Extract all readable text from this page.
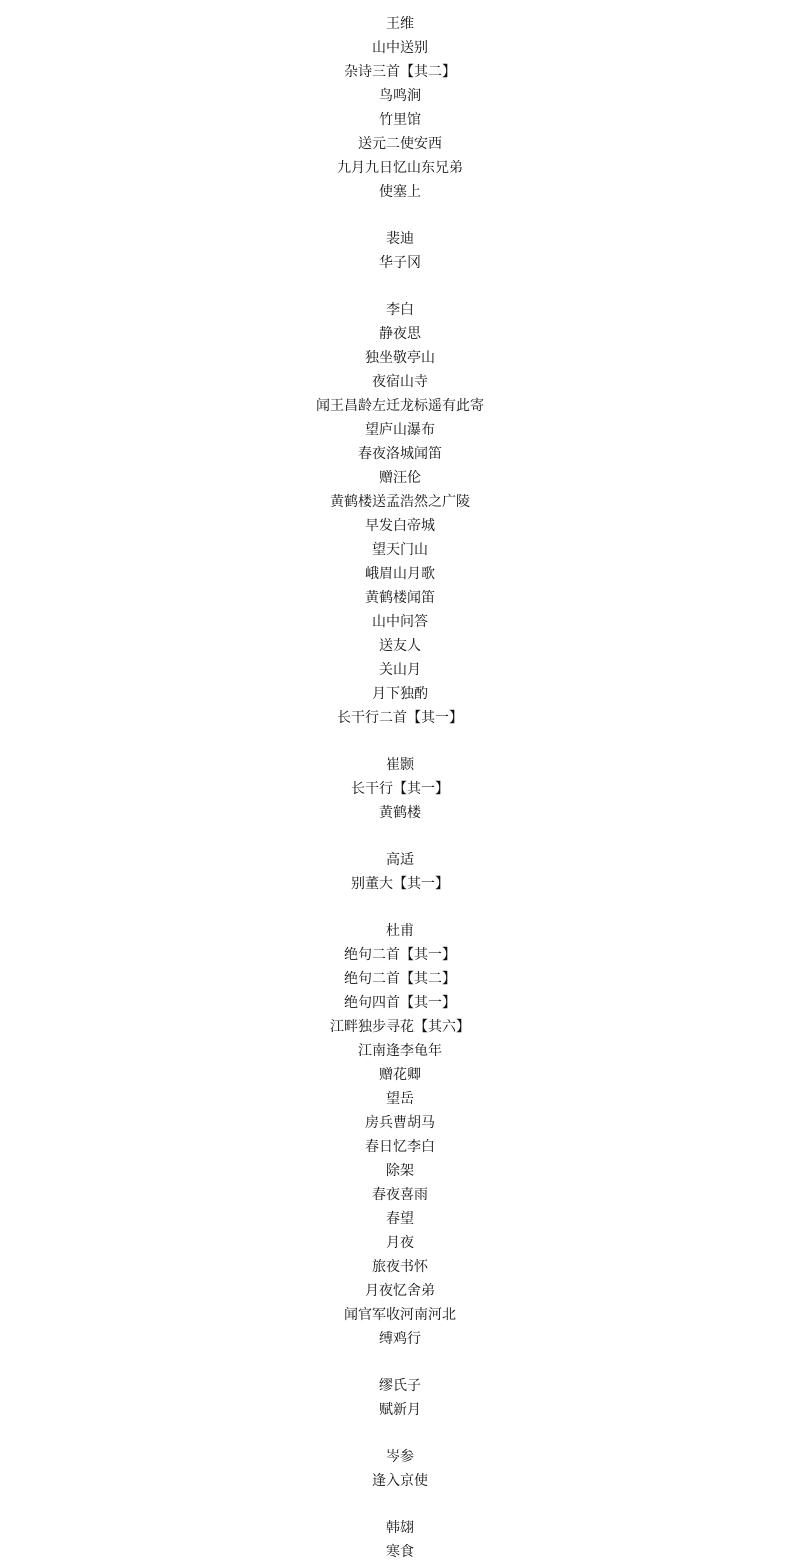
王维
山中送别
杂诗三首【其二】
鸟鸣涧
竹里馆
送元二使安西
九月九日忆山东兄弟
使塞上
裴迪
华子冈
李白
静夜思
独坐敬亭山
夜宿山寺
闻王昌龄左迁龙标遥有此寄
望庐山瀑布
春夜洛城闻笛
赠汪伦
黄鹤楼送孟浩然之广陵
早发白帝城
望天门山
峨眉山月歌
黄鹤楼闻笛
山中问答
送友人
关山月
月下独酌
长干行二首【其一】
崔颢
长干行【其一】
黄鹤楼
高适
别董大【其一】
杜甫
绝句二首【其一】
绝句二首【其二】
绝句四首【其一】
江畔独步寻花【其六】
江南逢李龟年
赠花卿
望岳
房兵曹胡马
春日忆李白
除架
春夜喜雨
春望
月夜
旅夜书怀
月夜忆舍弟
闻官军收河南河北
缚鸡行
缪氏子
赋新月
岑参
逢入京使
韩翃
寒食
